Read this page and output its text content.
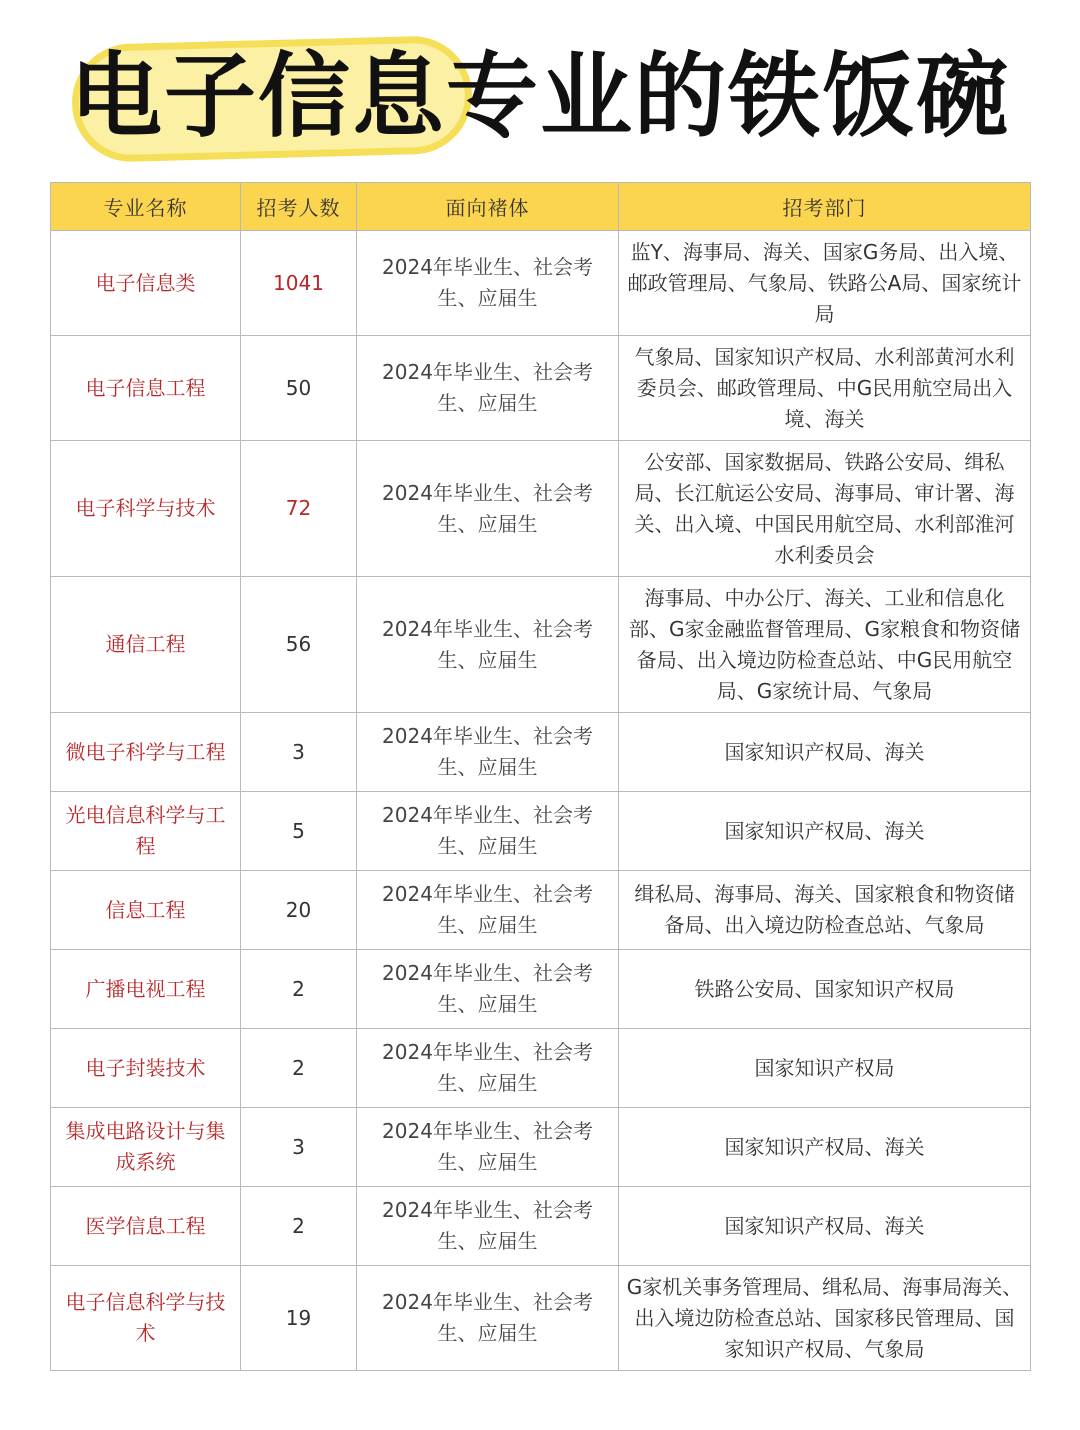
电子信息专业的铁饭碗
专业名称	招考人数	面向褚体	招考部门
电子信息类	1041	2024年毕业生、社会考生、应届生	监Y、海事局、海关、国家G务局、出入境、邮政管理局、气象局、铁路公A局、国家统计局
电子信息工程	50	2024年毕业生、社会考生、应届生	气象局、国家知识产权局、水利部黄河水利委员会、邮政管理局、中G民用航空局出入境、海关
电子科学与技术	72	2024年毕业生、社会考生、应届生	公安部、国家数据局、铁路公安局、缉私局、长江航运公安局、海事局、审计署、海关、出入境、中国民用航空局、水利部淮河水利委员会
通信工程	56	2024年毕业生、社会考生、应届生	海事局、中办公厅、海关、工业和信息化部、G家金融监督管理局、G家粮食和物资储备局、出入境边防检查总站、中G民用航空局、G家统计局、气象局
微电子科学与工程	3	2024年毕业生、社会考生、应届生	国家知识产权局、海关
光电信息科学与工程	5	2024年毕业生、社会考生、应届生	国家知识产权局、海关
信息工程	20	2024年毕业生、社会考生、应届生	缉私局、海事局、海关、国家粮食和物资储备局、出入境边防检查总站、气象局
广播电视工程	2	2024年毕业生、社会考生、应届生	铁路公安局、国家知识产权局
电子封装技术	2	2024年毕业生、社会考生、应届生	国家知识产权局
集成电路设计与集成系统	3	2024年毕业生、社会考生、应届生	国家知识产权局、海关
医学信息工程	2	2024年毕业生、社会考生、应届生	国家知识产权局、海关
电子信息科学与技术	19	2024年毕业生、社会考生、应届生	G家机关事务管理局、缉私局、海事局海关、出入境边防检查总站、国家移民管理局、国家知识产权局、气象局
